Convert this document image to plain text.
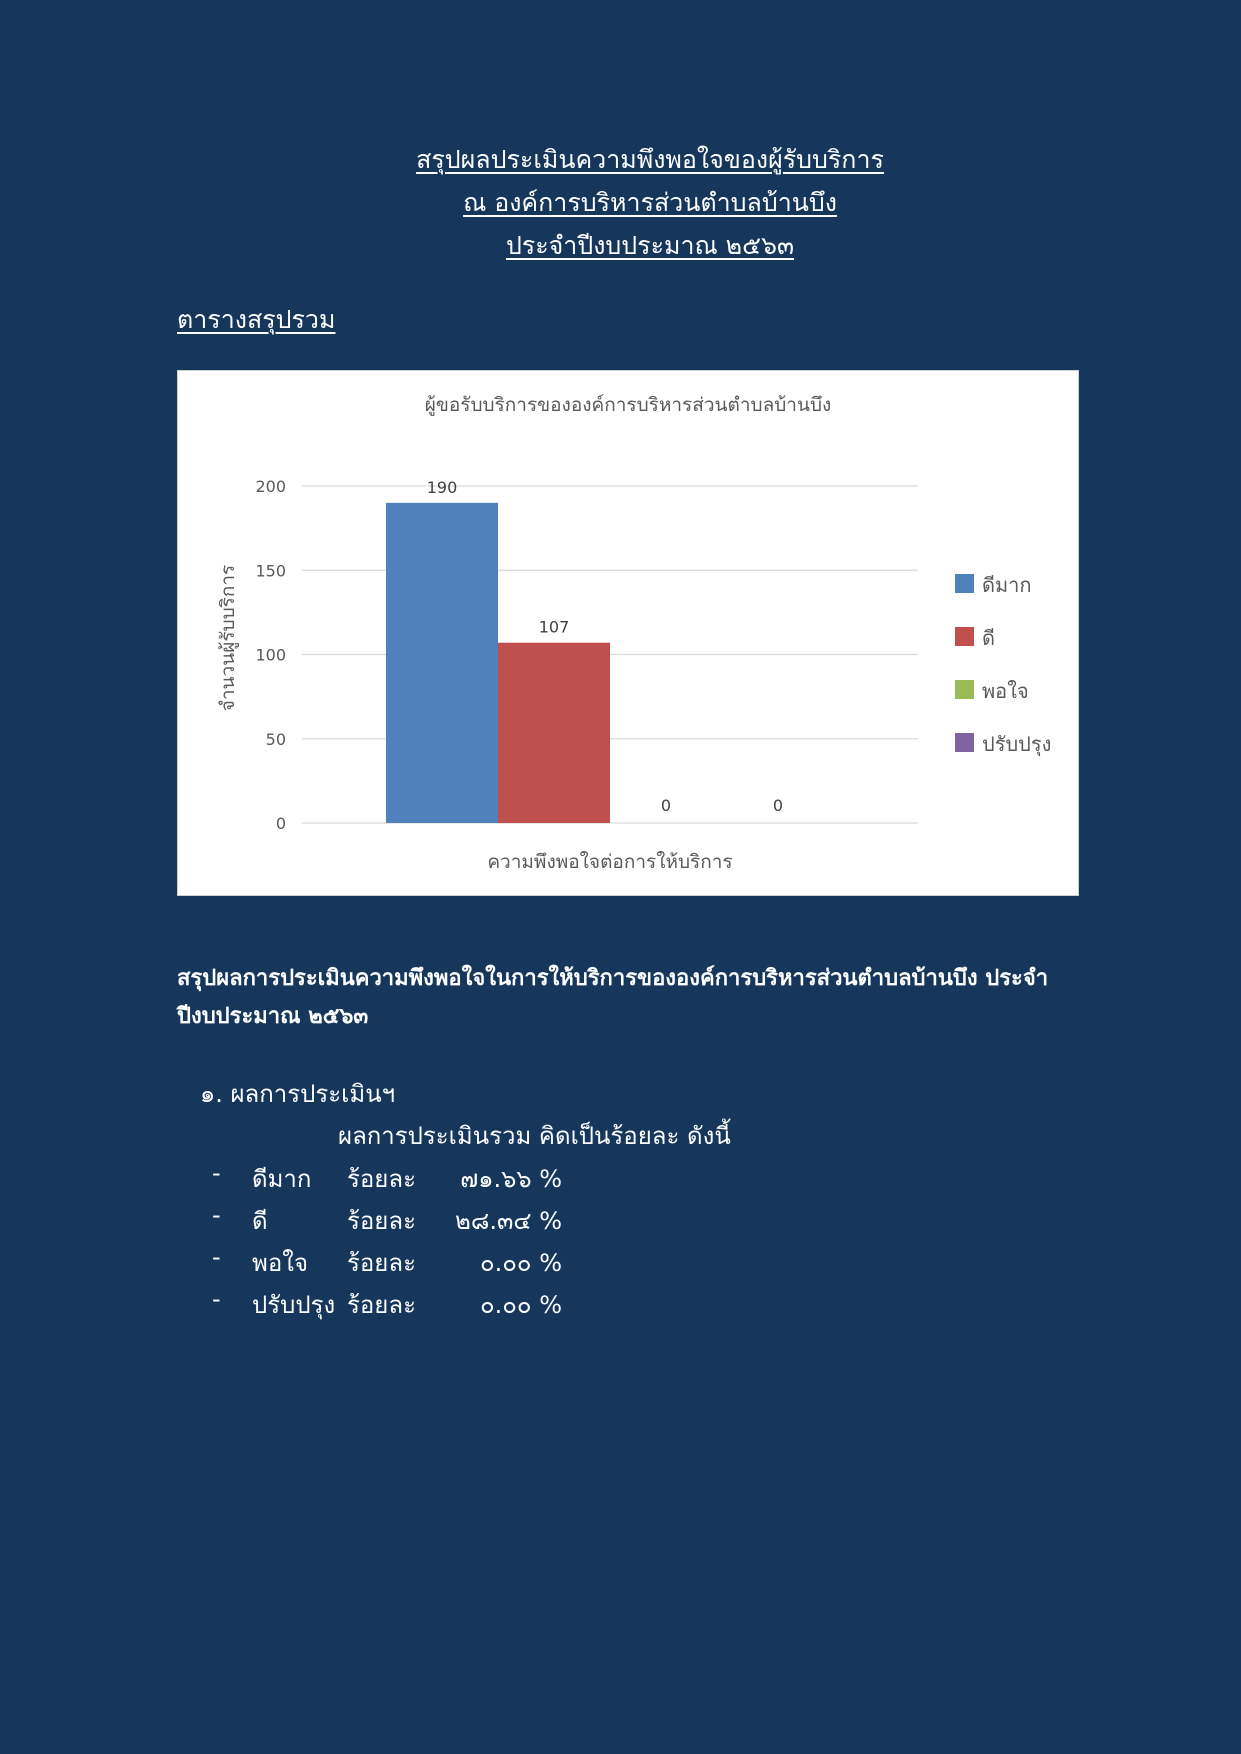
สรุปผลประเมินความพึงพอใจของผู้รับบริการ
ณ องค์การบริหารส่วนตำบลบ้านบึง
ประจำปีงบประมาณ ๒๕๖๓
ตารางสรุปรวม
ผู้ขอรับบริการขององค์การบริหารส่วนตำบลบ้านบึง
0
50
100
150
200	190
107
0	0
ความพึงพอใจต่อการให้บริการ
จำนวนผู้รับบริการ	ดีมาก
ดี
พอใจ
ปรับปรุง
สรุปผลการประเมินความพึงพอใจในการให้บริการขององค์การบริหารส่วนตำบลบ้านบึง ประจำปีงบประมาณ ๒๕๖๓
๑. ผลการประเมินฯ
ผลการประเมินรวม คิดเป็นร้อยละ ดังนี้
-	ดีมาก	ร้อยละ	๗๑.๖๖ %
-	ดี	ร้อยละ	๒๘.๓๔ %
-	พอใจ	ร้อยละ	๐.๐๐ %
-	ปรับปรุง ร้อยละ	๐.๐๐ %
